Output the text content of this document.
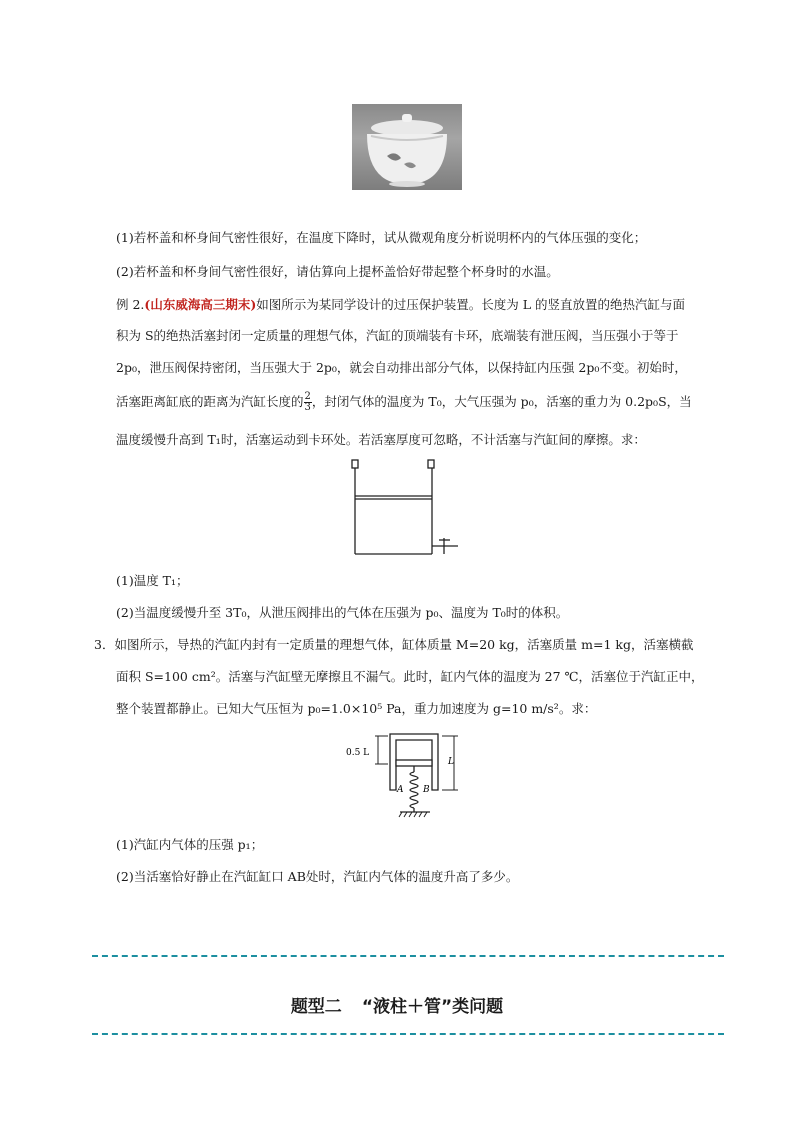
(1)若杯盖和杯身间气密性很好，在温度下降时，试从微观角度分析说明杯内的气体压强的变化；
(2)若杯盖和杯身间气密性很好，请估算向上提杯盖恰好带起整个杯身时的水温。
例 2.(山东威海高三期末)如图所示为某同学设计的过压保护装置。长度为 L 的竖直放置的绝热汽缸与面
积为 S的绝热活塞封闭一定质量的理想气体，汽缸的顶端装有卡环，底端装有泄压阀，当压强小于等于
2p₀，泄压阀保持密闭，当压强大于 2p₀，就会自动排出部分气体，以保持缸内压强 2p₀不变。初始时，
活塞距离缸底的距离为汽缸长度的 $\frac{2}{3}$，封闭气体的温度为 T₀，大气压强为 p₀，活塞的重力为 0.2p₀S，当
温度缓慢升高到 T₁时，活塞运动到卡环处。若活塞厚度可忽略，不计活塞与汽缸间的摩擦。求：
(1)温度 T₁；
(2)当温度缓慢升至 3T₀，从泄压阀排出的气体在压强为 p₀、温度为 T₀时的体积。
3．如图所示，导热的汽缸内封有一定质量的理想气体，缸体质量 M=20 kg，活塞质量 m=1 kg，活塞横截
面积 S=100 cm²。活塞与汽缸壁无摩擦且不漏气。此时，缸内气体的温度为 27 ℃，活塞位于汽缸正中，
整个装置都静止。已知大气压恒为 p₀=1.0×10⁵ Pa，重力加速度为 g=10 m/s²。求：
0.5 L
L
A B
(1)汽缸内气体的压强 p₁；
(2)当活塞恰好静止在汽缸缸口 AB处时，汽缸内气体的温度升高了多少。
题型二 “液柱＋管”类问题
